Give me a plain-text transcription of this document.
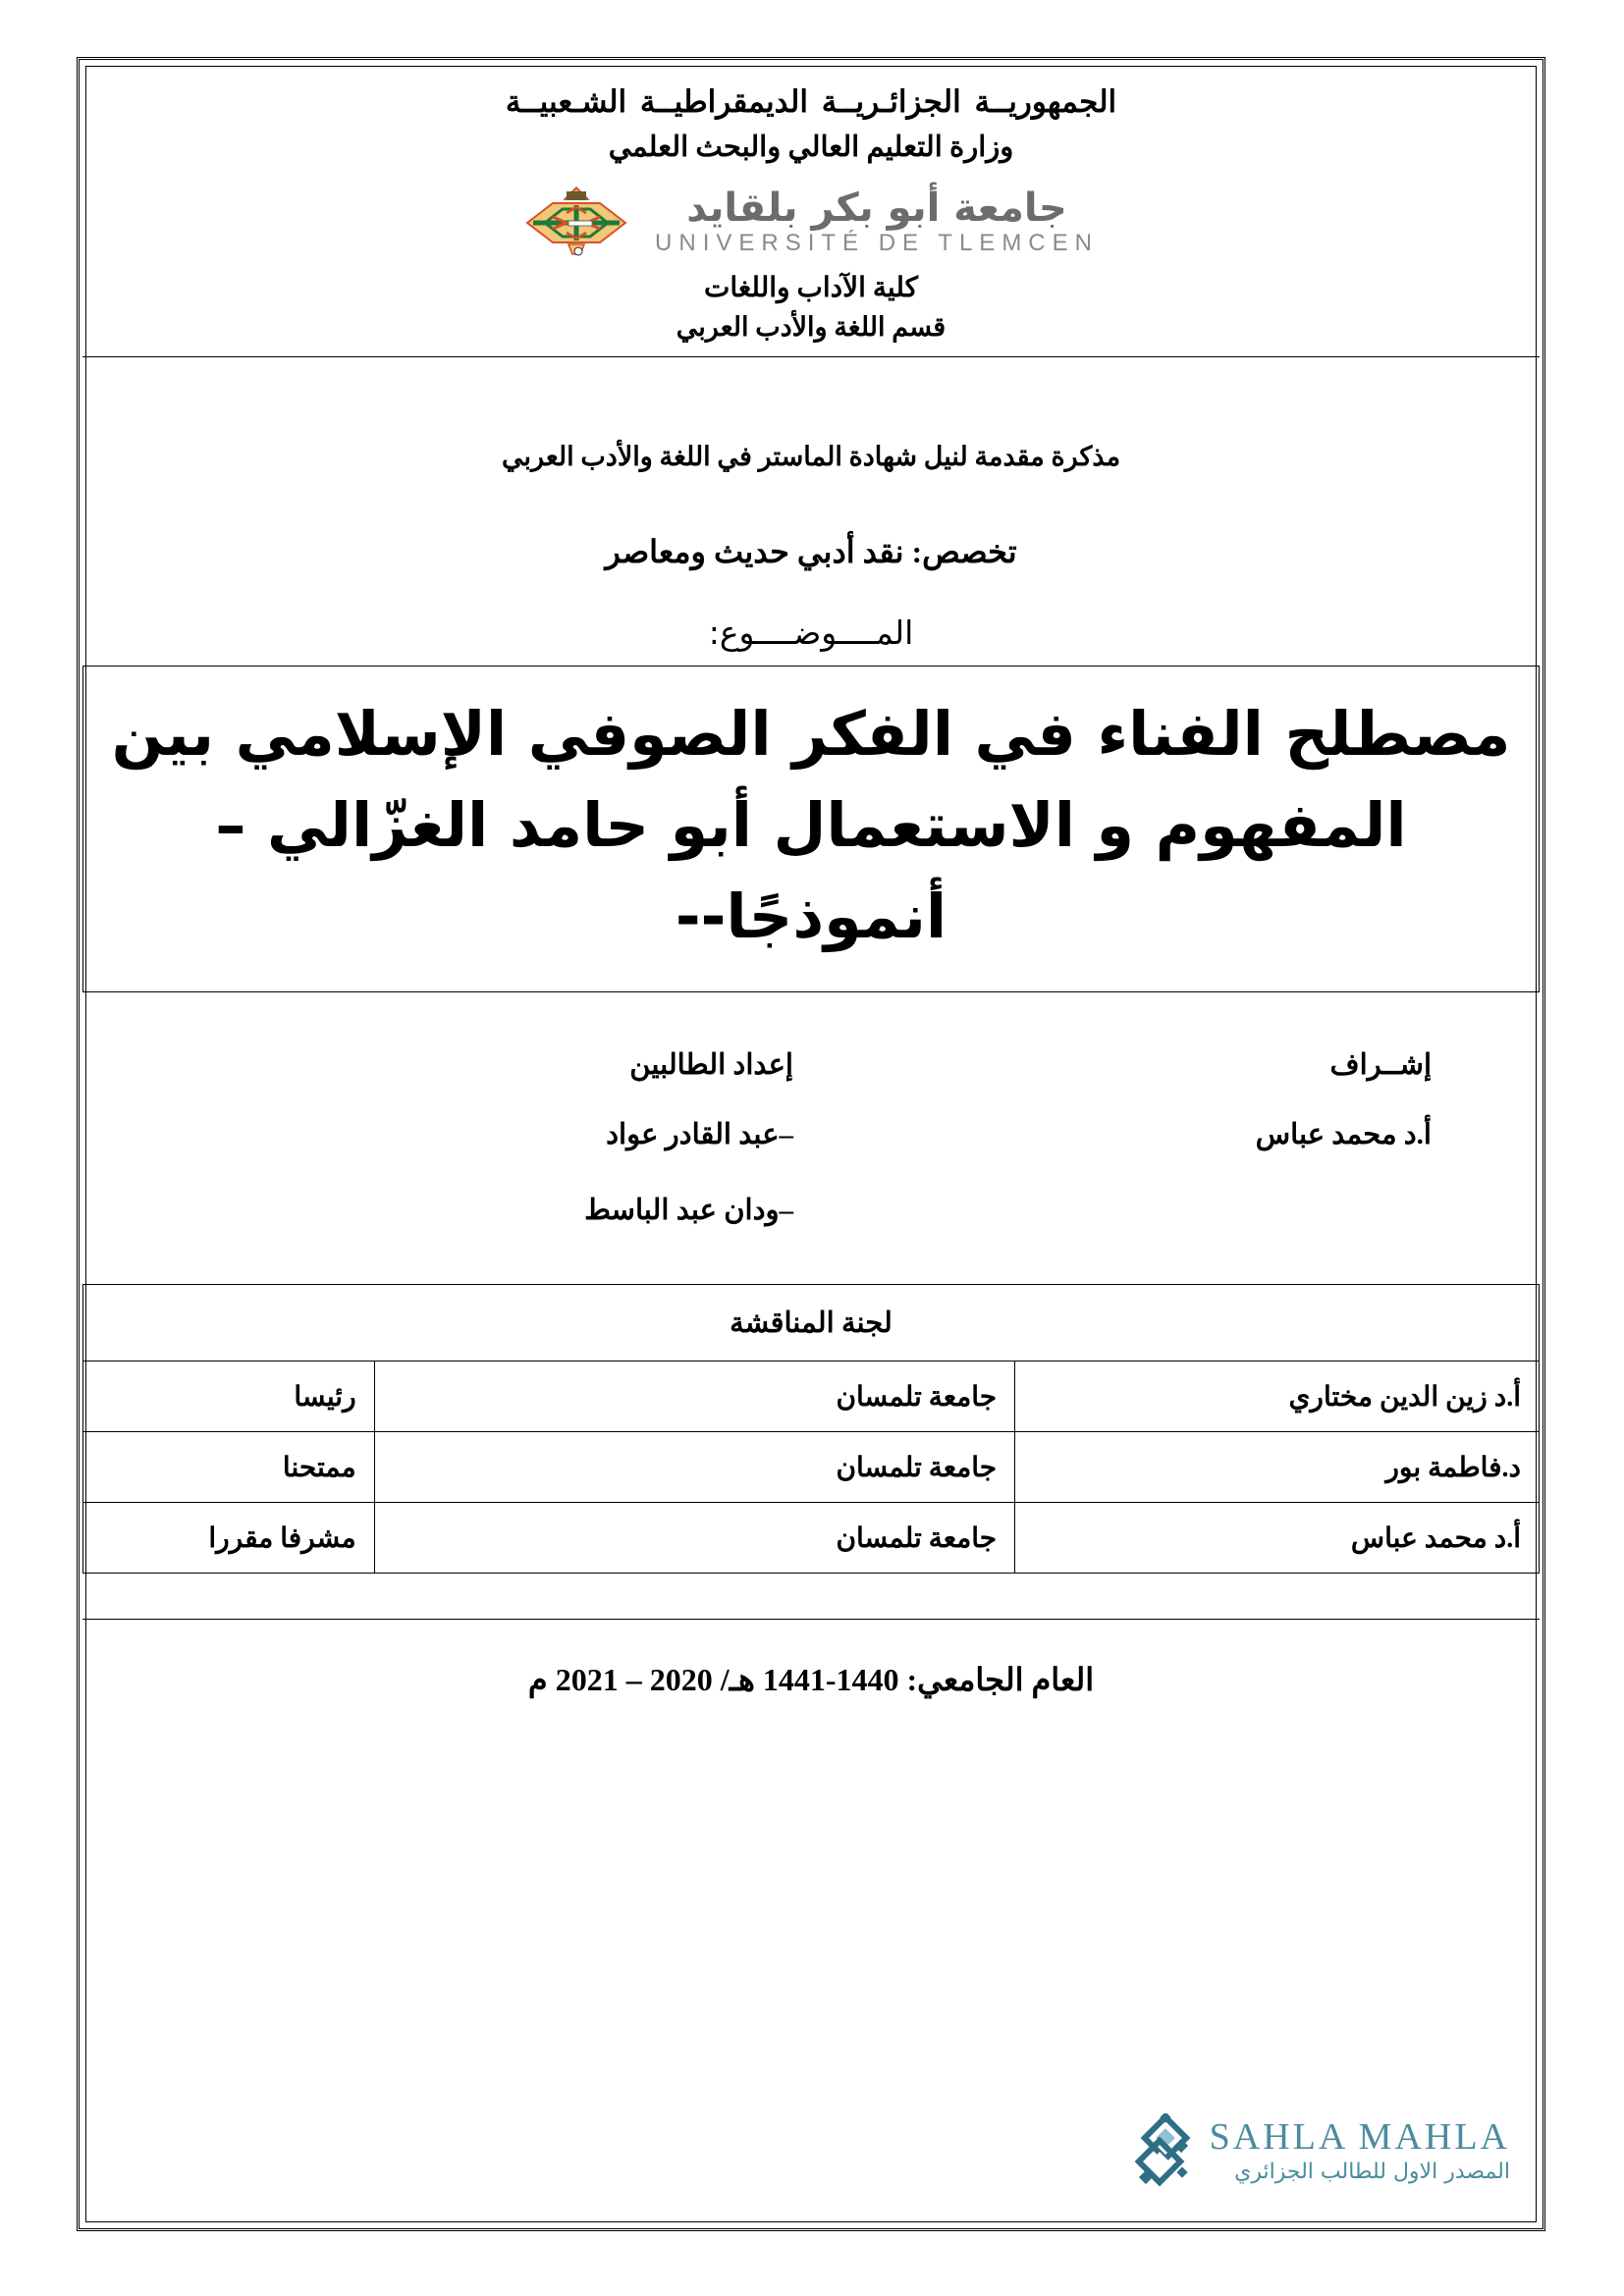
الجمهوريــة الجزائـريــة الديمقراطيــة الشـعبيــة
وزارة التعليم العالي والبحث العلمي
جامعة أبو بكر بلقايد
UNIVERSITÉ DE TLEMCEN
كلية الآداب واللغات
قسم اللغة والأدب العربي
مذكرة مقدمة لنيل شهادة الماستر في اللغة والأدب العربي
تخصص: نقد أدبي حديث ومعاصر
المــــوضــــوع:
مصطلح الفناء في الفكر الصوفي الإسلامي بين المفهوم و الاستعمال أبو حامد الغزّالي –أنموذجًا--
إشــراف
أ.د محمد عباس
إعداد الطالبين
–عبد القادر عواد
–ودان عبد الباسط
لجنة المناقشة		
أ.د زين الدين مختاري	جامعة تلمسان	رئيسا
د.فاطمة بور	جامعة تلمسان	ممتحنا
أ.د محمد عباس	جامعة تلمسان	مشرفا مقررا
العام الجامعي: 1440-1441 هـ/ 2020 – 2021 م
SAHLA MAHLA
المصدر الاول للطالب الجزائري
